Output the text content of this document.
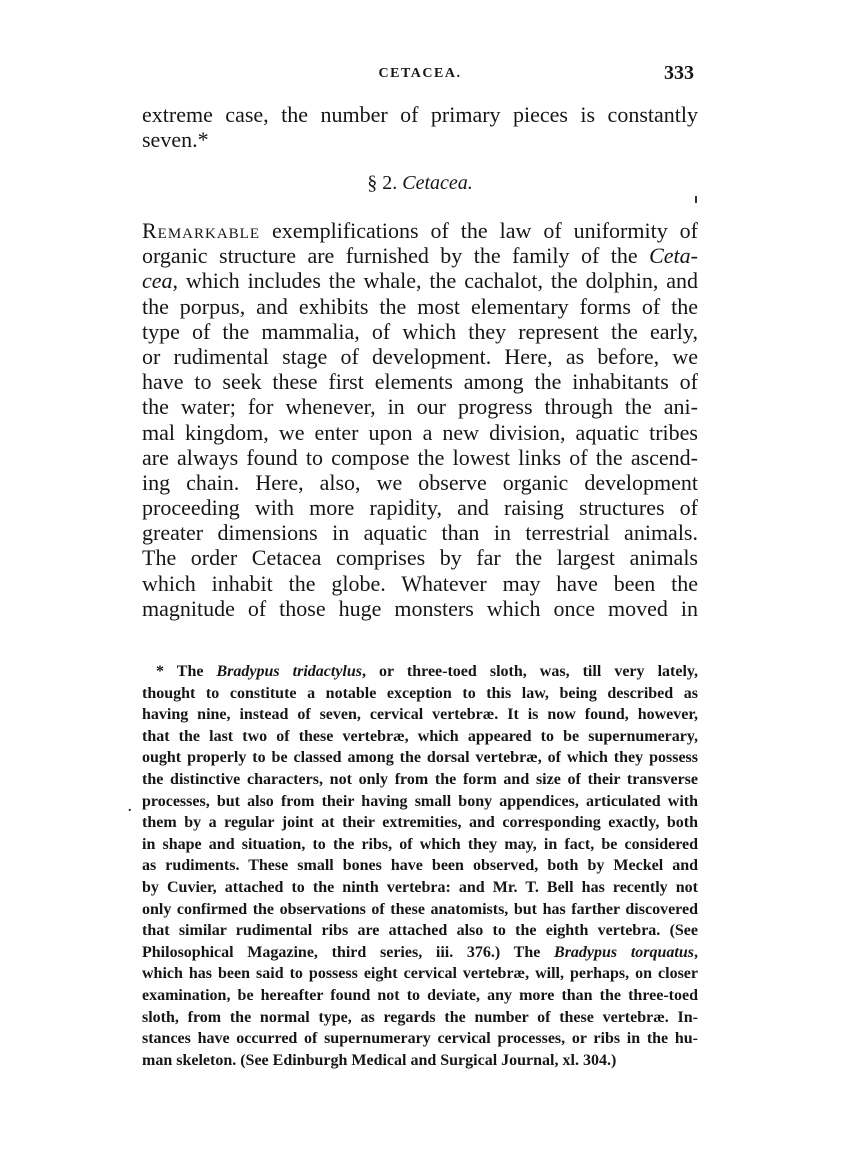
CETACEA.	333
extreme case, the number of primary pieces is constantly
seven.*
§ 2. Cetacea.
Remarkable exemplifications of the law of uniformity of
organic structure are furnished by the family of the Ceta-
cea, which includes the whale, the cachalot, the dolphin, and
the porpus, and exhibits the most elementary forms of the
type of the mammalia, of which they represent the early,
or rudimental stage of development. Here, as before, we
have to seek these first elements among the inhabitants of
the water; for whenever, in our progress through the ani-
mal kingdom, we enter upon a new division, aquatic tribes
are always found to compose the lowest links of the ascend-
ing chain. Here, also, we observe organic development
proceeding with more rapidity, and raising structures of
greater dimensions in aquatic than in terrestrial animals.
The order Cetacea comprises by far the largest animals
which inhabit the globe. Whatever may have been the
magnitude of those huge monsters which once moved in
.
* The Bradypus tridactylus, or three-toed sloth, was, till very lately,
thought to constitute a notable exception to this law, being described as
having nine, instead of seven, cervical vertebræ. It is now found, however,
that the last two of these vertebræ, which appeared to be supernumerary,
ought properly to be classed among the dorsal vertebræ, of which they possess
the distinctive characters, not only from the form and size of their transverse
processes, but also from their having small bony appendices, articulated with
them by a regular joint at their extremities, and corresponding exactly, both
in shape and situation, to the ribs, of which they may, in fact, be considered
as rudiments. These small bones have been observed, both by Meckel and
by Cuvier, attached to the ninth vertebra: and Mr. T. Bell has recently not
only confirmed the observations of these anatomists, but has farther discovered
that similar rudimental ribs are attached also to the eighth vertebra. (See
Philosophical Magazine, third series, iii. 376.) The Bradypus torquatus,
which has been said to possess eight cervical vertebræ, will, perhaps, on closer
examination, be hereafter found not to deviate, any more than the three-toed
sloth, from the normal type, as regards the number of these vertebræ. In-
stances have occurred of supernumerary cervical processes, or ribs in the hu-
man skeleton. (See Edinburgh Medical and Surgical Journal, xl. 304.)
